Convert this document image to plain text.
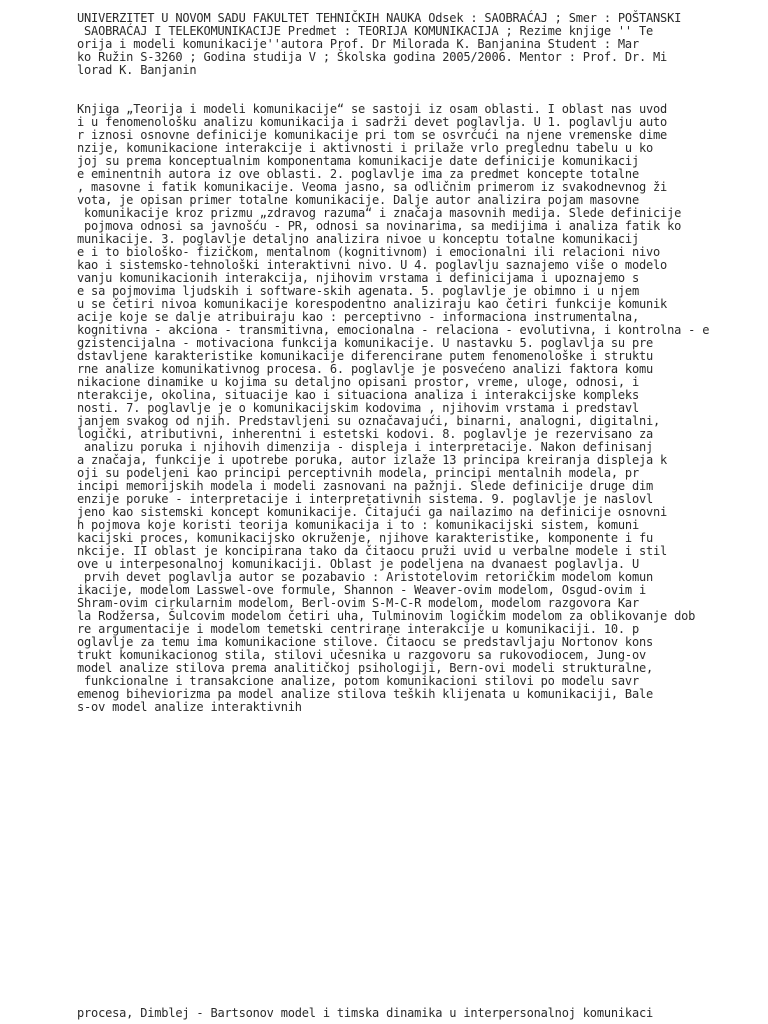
UNIVERZITET U NOVOM SADU FAKULTET TEHNIČKIH NAUKA Odsek : SAOBRAĆAJ ; Smer : POŠTANSKI
SAOBRAĆAJ I TELEKOMUNIKACIJE Predmet : TEORIJA KOMUNIKACIJA ; Rezime knjige '' Te
orija i modeli komunikacije''autora Prof. Dr Milorada K. Banjanina Student : Mar
ko Ružin S-3260 ; Godina studija V ; Školska godina 2005/2006. Mentor : Prof. Dr. Mi
lorad K. Banjanin
Knjiga „Teorija i modeli komunikacije“ se sastoji iz osam oblasti. I oblast nas uvod
i u fenomenološku analizu komunikacija i sadrži devet poglavlja. U 1. poglavlju auto
r iznosi osnovne definicije komunikacije pri tom se osvrćući na njene vremenske dime
nzije, komunikacione interakcije i aktivnosti i prilaže vrlo preglednu tabelu u ko
joj su prema konceptualnim komponentama komunikacije date definicije komunikacij
e eminentnih autora iz ove oblasti. 2. poglavlje ima za predmet koncepte totalne
, masovne i fatik komunikacije. Veoma jasno, sa odličnim primerom iz svakodnevnog ži
vota, je opisan primer totalne komunikacije. Dalje autor analizira pojam masovne
komunikacije kroz prizmu „zdravog razuma“ i značaja masovnih medija. Slede definicije
pojmova odnosi sa javnošću - PR, odnosi sa novinarima, sa medijima i analiza fatik ko
munikacije. 3. poglavlje detaljno analizira nivoe u konceptu totalne komunikacij
e i to biološko- fizičkom, mentalnom (kognitivnom) i emocionalni ili relacioni nivo
kao i sistemsko-tehnološki interaktivni nivo. U 4. poglavlju saznajemo više o modelo
vanju komunikacionih interakcija, njihovim vrstama i definicijama i upoznajemo s
e sa pojmovima ljudskih i software-skih agenata. 5. poglavlje je obimno i u njem
u se četiri nivoa komunikacije korespodentno analiziraju kao četiri funkcije komunik
acije koje se dalje atribuiraju kao : perceptivno - informaciona instrumentalna,
kognitivna - akciona - transmitivna, emocionalna - relaciona - evolutivna, i kontrolna - e
gzistencijalna - motivaciona funkcija komunikacije. U nastavku 5. poglavlja su pre
dstavljene karakteristike komunikacije diferencirane putem fenomenološke i struktu
rne analize komunikativnog procesa. 6. poglavlje je posvećeno analizi faktora komu
nikacione dinamike u kojima su detaljno opisani prostor, vreme, uloge, odnosi, i
nterakcije, okolina, situacije kao i situaciona analiza i interakcijske kompleks
nosti. 7. poglavlje je o komunikacijskim kodovima , njihovim vrstama i predstavl
janjem svakog od njih. Predstavljeni su označavajući, binarni, analogni, digitalni,
logički, atributivni, inherentni i estetski kodovi. 8. poglavlje je rezervisano za
analizu poruka i njihovih dimenzija - displeja i interpretacije. Nakon definisanj
a značaja, funkcije i upotrebe poruka, autor izlaže 13 principa kreiranja displeja k
oji su podeljeni kao principi perceptivnih modela, principi mentalnih modela, pr
incipi memorijskih modela i modeli zasnovani na pažnji. Slede definicije druge dim
enzije poruke - interpretacije i interpretativnih sistema. 9. poglavlje je naslovl
jeno kao sistemski koncept komunikacije. Čitajući ga nailazimo na definicije osnovni
h pojmova koje koristi teorija komunikacija i to : komunikacijski sistem, komuni
kacijski proces, komunikacijsko okruženje, njihove karakteristike, komponente i fu
nkcije. II oblast je koncipirana tako da čitaocu pruži uvid u verbalne modele i stil
ove u interpesonalnoj komunikaciji. Oblast je podeljena na dvanaest poglavlja. U
prvih devet poglavlja autor se pozabavio : Aristotelovim retoričkim modelom komun
ikacije, modelom Lasswel-ove formule, Shannon - Weaver-ovim modelom, Osgud-ovim i
Shram-ovim cirkularnim modelom, Berl-ovim S-M-C-R modelom, modelom razgovora Kar
la Rodžersa, Šulcovim modelom četiri uha, Tulminovim logičkim modelom za oblikovanje dob
re argumentacije i modelom temetski centrirane interakcije u komunikaciji. 10. p
oglavlje za temu ima komunikacione stilove. Čitaocu se predstavljaju Nortonov kons
trukt komunikacionog stila, stilovi učesnika u razgovoru sa rukovodiocem, Jung-ov
model analize stilova prema analitičkoj psihologiji, Bern-ovi modeli strukturalne,
funkcionalne i transakcione analize, potom komunikacioni stilovi po modelu savr
emenog biheviorizma pa model analize stilova teških klijenata u komunikaciji, Bale
s-ov model analize interaktivnih
procesa, Dimblej - Bartsonov model i timska dinamika u interpersonalnoj komunikaci
